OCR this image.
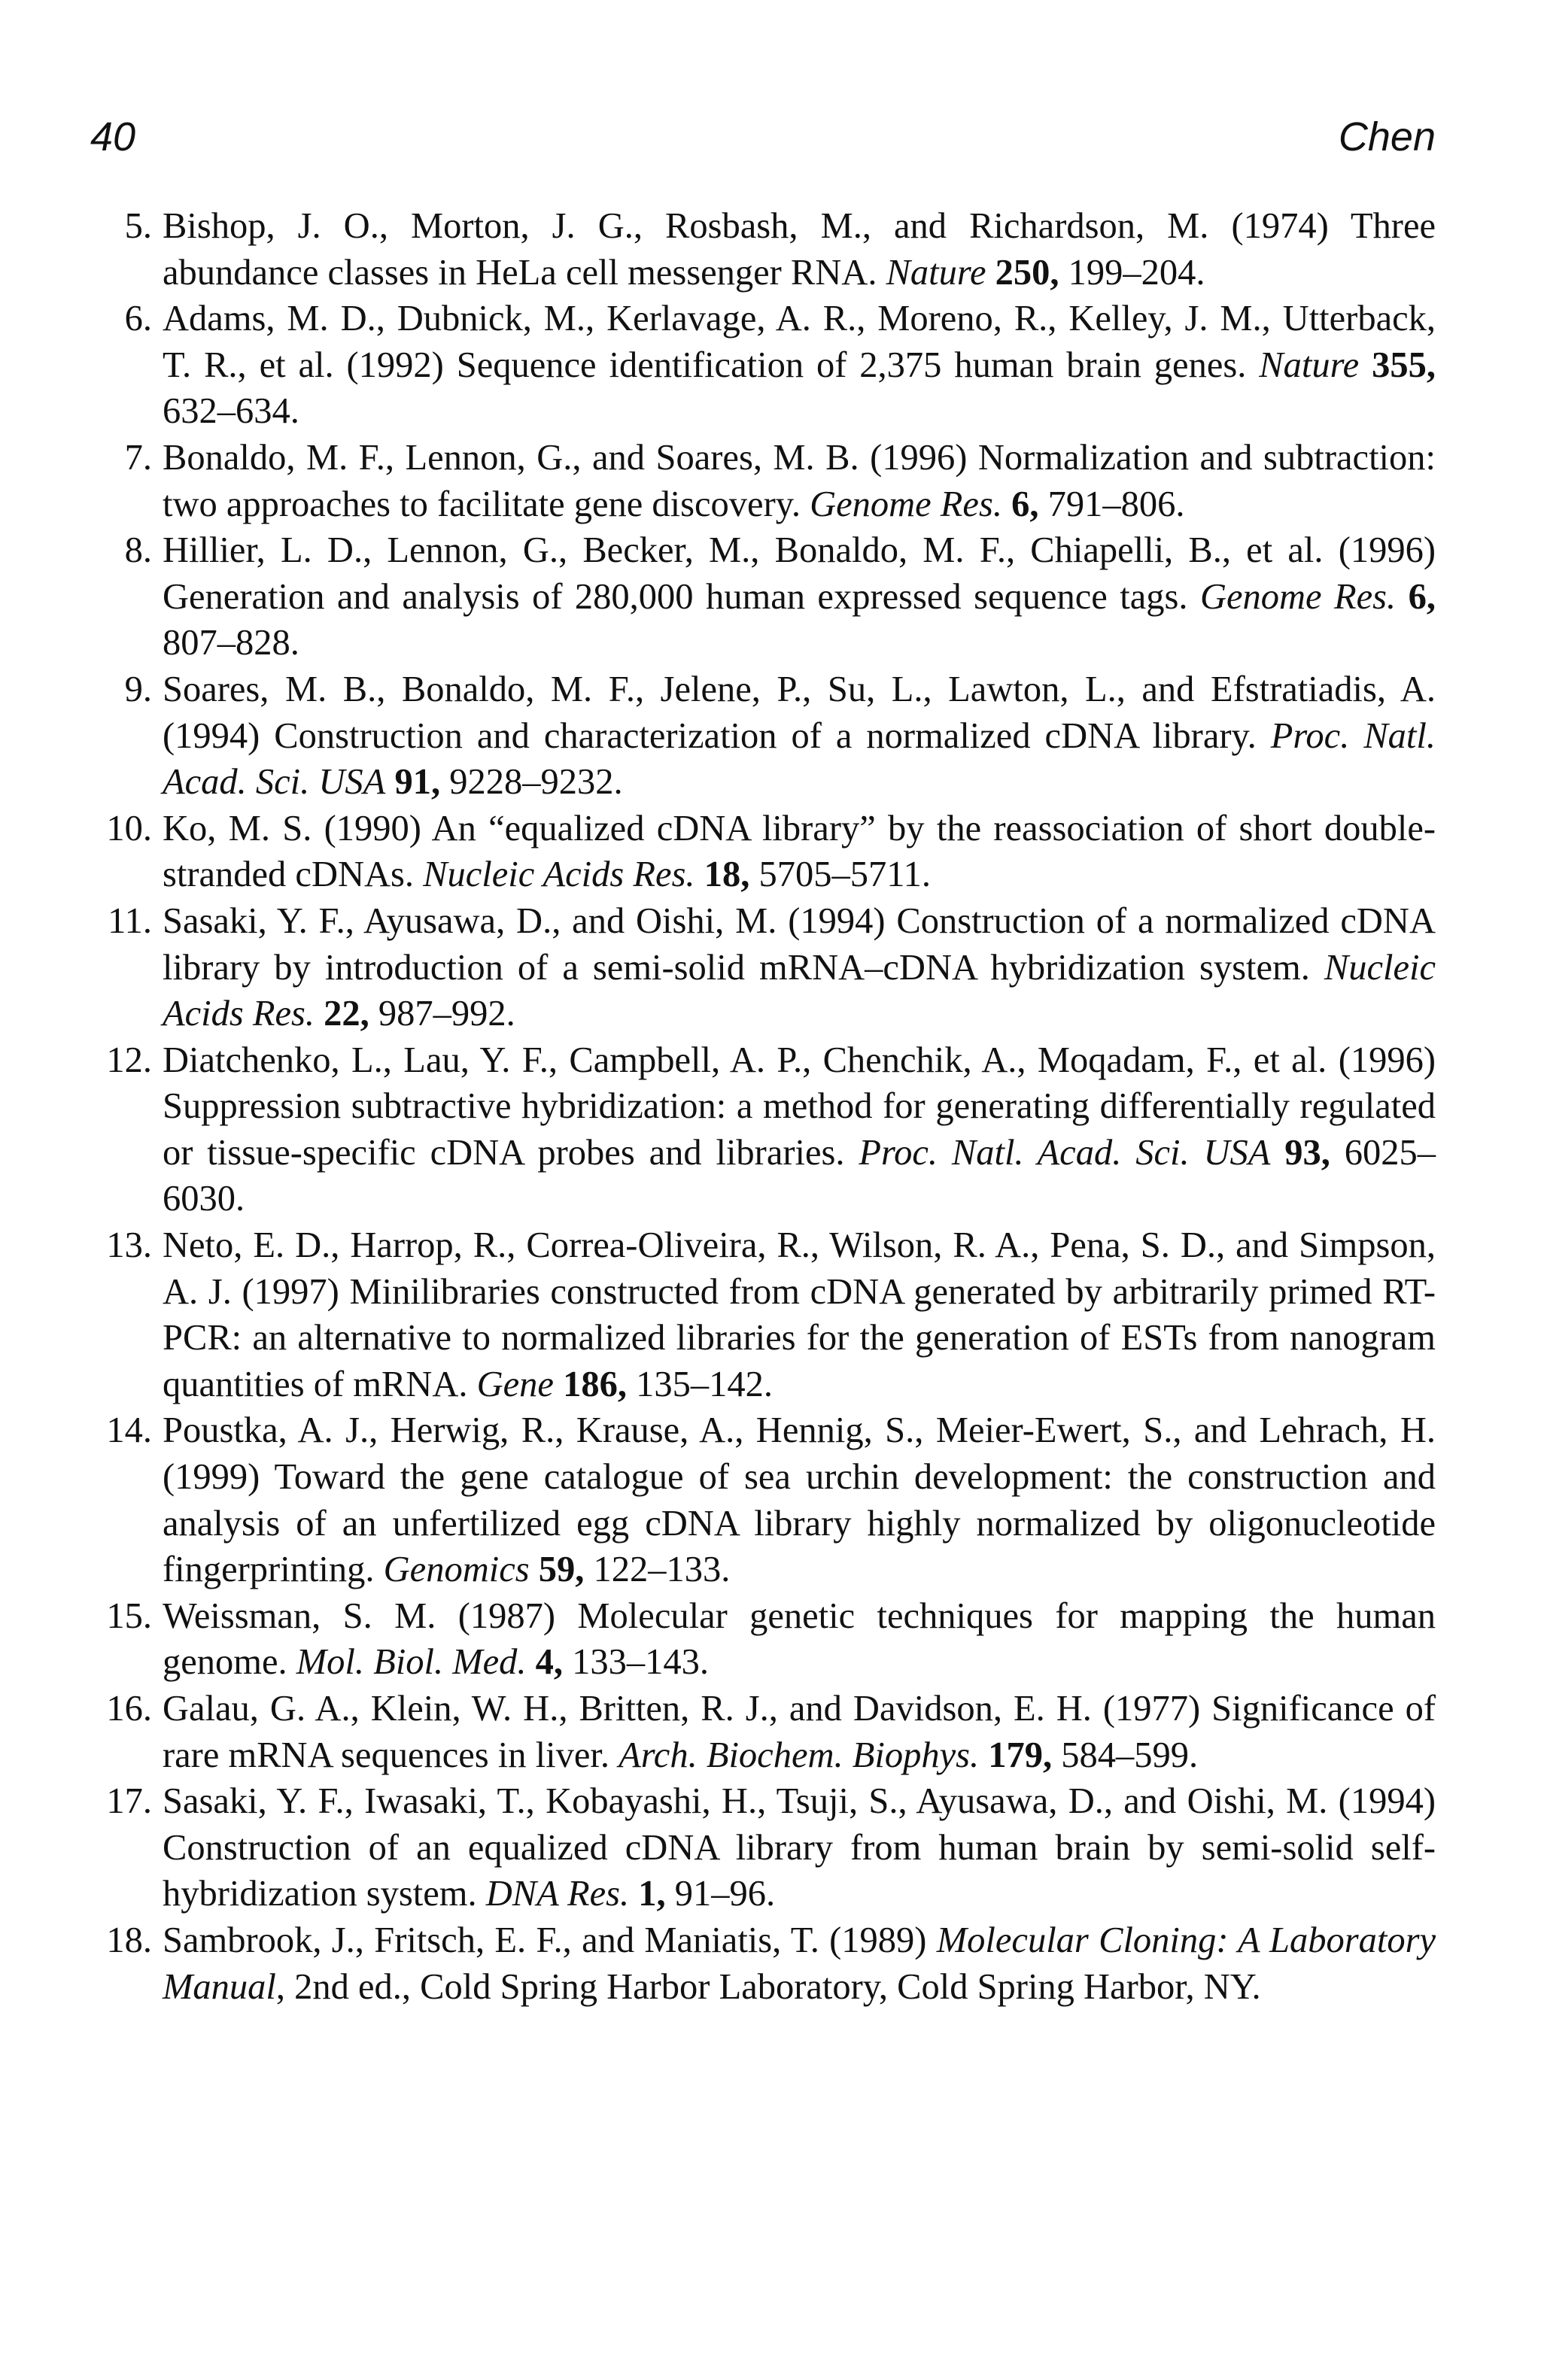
40	Chen
5. Bishop, J. O., Morton, J. G., Rosbash, M., and Richardson, M. (1974) Three abundance classes in HeLa cell messenger RNA. Nature 250, 199–204.
6. Adams, M. D., Dubnick, M., Kerlavage, A. R., Moreno, R., Kelley, J. M., Utterback, T. R., et al. (1992) Sequence identification of 2,375 human brain genes. Nature 355, 632–634.
7. Bonaldo, M. F., Lennon, G., and Soares, M. B. (1996) Normalization and subtraction: two approaches to facilitate gene discovery. Genome Res. 6, 791–806.
8. Hillier, L. D., Lennon, G., Becker, M., Bonaldo, M. F., Chiapelli, B., et al. (1996) Generation and analysis of 280,000 human expressed sequence tags. Genome Res. 6, 807–828.
9. Soares, M. B., Bonaldo, M. F., Jelene, P., Su, L., Lawton, L., and Efstratiadis, A. (1994) Construction and characterization of a normalized cDNA library. Proc. Natl. Acad. Sci. USA 91, 9228–9232.
10. Ko, M. S. (1990) An “equalized cDNA library” by the reassociation of short double-stranded cDNAs. Nucleic Acids Res. 18, 5705–5711.
11. Sasaki, Y. F., Ayusawa, D., and Oishi, M. (1994) Construction of a normalized cDNA library by introduction of a semi-solid mRNA–cDNA hybridization system. Nucleic Acids Res. 22, 987–992.
12. Diatchenko, L., Lau, Y. F., Campbell, A. P., Chenchik, A., Moqadam, F., et al. (1996) Suppression subtractive hybridization: a method for generating differentially regulated or tissue-specific cDNA probes and libraries. Proc. Natl. Acad. Sci. USA 93, 6025–6030.
13. Neto, E. D., Harrop, R., Correa-Oliveira, R., Wilson, R. A., Pena, S. D., and Simpson, A. J. (1997) Minilibraries constructed from cDNA generated by arbitrarily primed RT-PCR: an alternative to normalized libraries for the generation of ESTs from nanogram quantities of mRNA. Gene 186, 135–142.
14. Poustka, A. J., Herwig, R., Krause, A., Hennig, S., Meier-Ewert, S., and Lehrach, H. (1999) Toward the gene catalogue of sea urchin development: the construction and analysis of an unfertilized egg cDNA library highly normalized by oligonucleotide fingerprinting. Genomics 59, 122–133.
15. Weissman, S. M. (1987) Molecular genetic techniques for mapping the human genome. Mol. Biol. Med. 4, 133–143.
16. Galau, G. A., Klein, W. H., Britten, R. J., and Davidson, E. H. (1977) Significance of rare mRNA sequences in liver. Arch. Biochem. Biophys. 179, 584–599.
17. Sasaki, Y. F., Iwasaki, T., Kobayashi, H., Tsuji, S., Ayusawa, D., and Oishi, M. (1994) Construction of an equalized cDNA library from human brain by semi-solid self-hybridization system. DNA Res. 1, 91–96.
18. Sambrook, J., Fritsch, E. F., and Maniatis, T. (1989) Molecular Cloning: A Laboratory Manual, 2nd ed., Cold Spring Harbor Laboratory, Cold Spring Harbor, NY.
